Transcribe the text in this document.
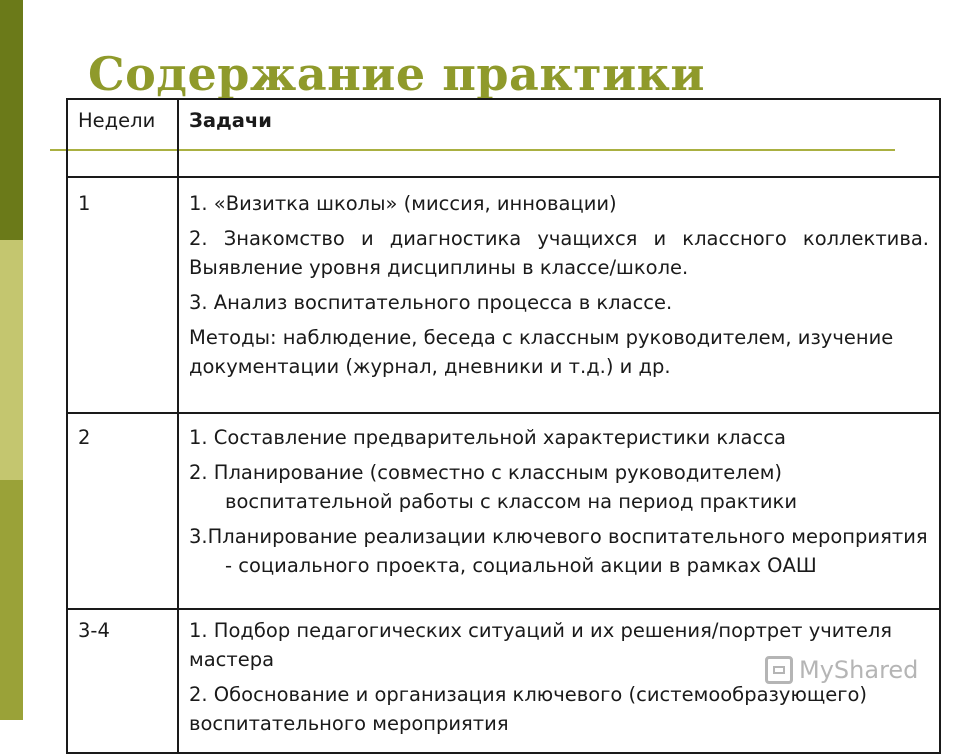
Содержание практики
Недели	Задачи
1	1. «Визитка школы» (миссия, инновации)

2. Знакомство и диагностика учащихся и классного коллектива. Выявление уровня дисциплины в классе/школе.

3. Анализ воспитательного процесса в классе.

Методы: наблюдение, беседа с классным руководителем, изучение документации (журнал, дневники и т.д.) и др.

2	1. Составление предварительной характеристики класса

2. Планирование (совместно с классным руководителем) воспитательной работы с классом на период практики

3.Планирование реализации ключевого воспитательного мероприятия - социального проекта, социальной акции в рамках ОАШ

3-4	1. Подбор педагогических ситуаций и их решения/портрет учителя мастера

2. Обоснование и организация ключевого (системообразующего) воспитательного мероприятия

MyShared
